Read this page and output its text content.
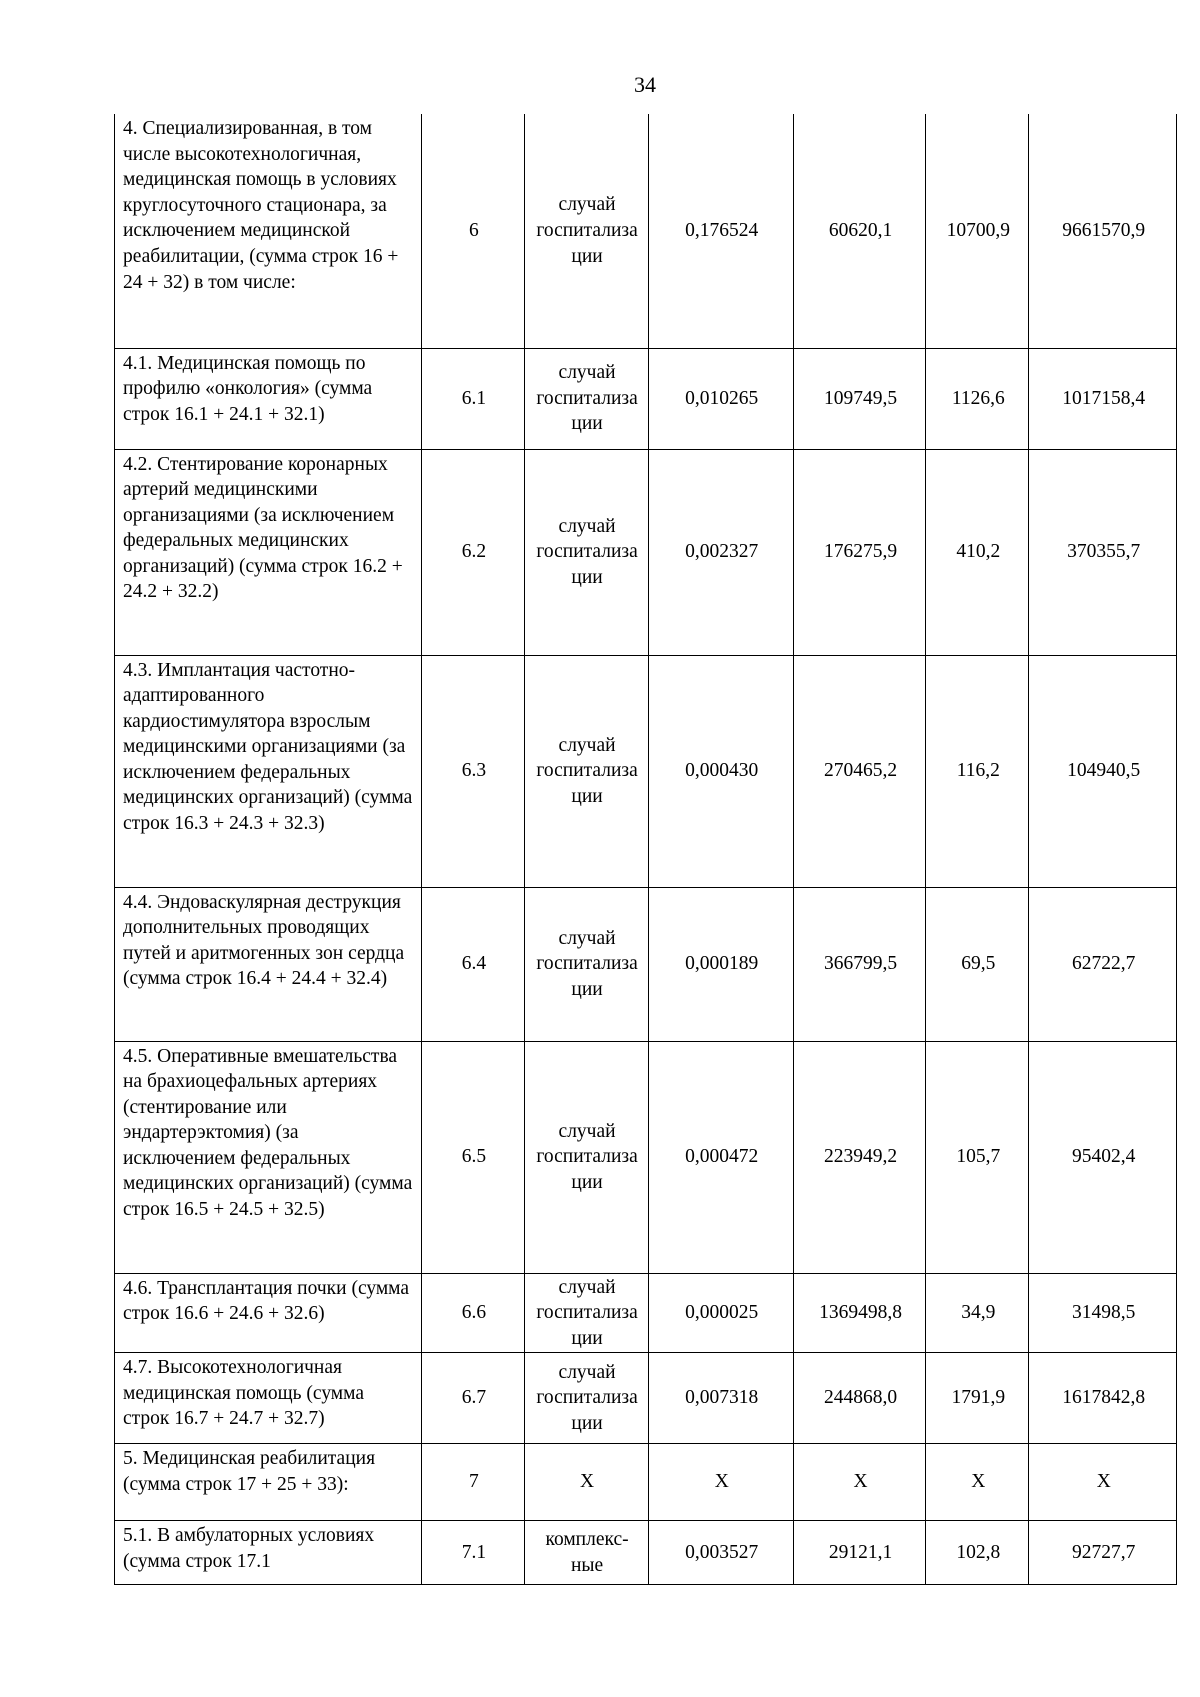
34
4. Специализированная, в том числе высокотехнологичная, медицинская помощь в условиях круглосуточного стационара, за исключением медицинской реабилитации, (сумма строк 16 + 24 + 32) в том числе:	6	случай госпитализа ции	0,176524	60620,1	10700,9	9661570,9

4.1. Медицинская помощь по профилю «онкология» (сумма строк 16.1 + 24.1 + 32.1)	6.1	случай госпитализа ции	0,010265	109749,5	1126,6	1017158,4

4.2. Стентирование коронарных артерий медицинскими организациями (за исключением федеральных медицинских организаций) (сумма строк 16.2 + 24.2 + 32.2)	6.2	случай госпитализа ции	0,002327	176275,9	410,2	370355,7

4.3. Имплантация частотно-адаптированного кардиостимулятора взрослым медицинскими организациями (за исключением федеральных медицинских организаций) (сумма строк 16.3 + 24.3 + 32.3)	6.3	случай госпитализа ции	0,000430	270465,2	116,2	104940,5

4.4. Эндоваскулярная деструкция дополнительных проводящих путей и аритмогенных зон сердца (сумма строк 16.4 + 24.4 + 32.4)	6.4	случай госпитализа ции	0,000189	366799,5	69,5	62722,7

4.5. Оперативные вмешательства на брахиоцефальных артериях (стентирование или эндартерэктомия) (за исключением федеральных медицинских организаций) (сумма строк 16.5 + 24.5 + 32.5)	6.5	случай госпитализа ции	0,000472	223949,2	105,7	95402,4

4.6. Трансплантация почки (сумма строк 16.6 + 24.6 + 32.6)	6.6	случай госпитализа ции	0,000025	1369498,8	34,9	31498,5

4.7. Высокотехнологичная медицинская помощь (сумма строк 16.7 + 24.7 + 32.7)	6.7	случай госпитализа ции	0,007318	244868,0	1791,9	1617842,8

5. Медицинская реабилитация (сумма строк 17 + 25 + 33):	7	Х	Х	Х	Х	Х

5.1. В амбулаторных условиях (сумма строк 17.1	7.1	комплекс-ные	0,003527	29121,1	102,8	92727,7
